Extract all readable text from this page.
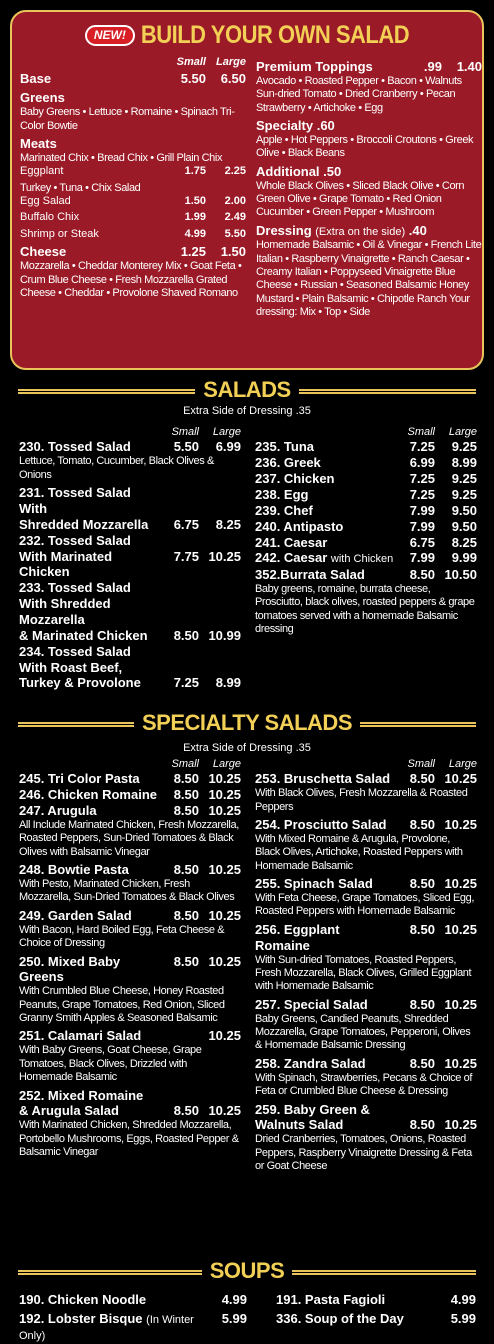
NEW! BUILD YOUR OWN SALAD
Small Large
Base	5.50	6.50
Greens
Baby Greens • Lettuce • Romaine • Spinach Tri-Color Bowtie
Meats
Marinated Chix • Bread Chix • Grill Plain Chix
Eggplant	1.75	2.25
Turkey • Tuna • Chix Salad
Egg Salad	1.50	2.00
Buffalo Chix	1.99	2.49
Shrimp or Steak	4.99	5.50
Cheese	1.25	1.50
Mozzarella • Cheddar Monterey Mix • Goat Feta • Crum Blue Cheese • Fresh Mozzarella Grated Cheese • Cheddar • Provolone Shaved Romano
Premium Toppings	.99	1.40
Avocado • Roasted Pepper • Bacon • Walnuts Sun-dried Tomato • Dried Cranberry • Pecan Strawberry • Artichoke • Egg
Specialty .60
Apple • Hot Peppers • Broccoli Croutons • Greek Olive • Black Beans
Additional .50
Whole Black Olives • Sliced Black Olive • Corn Green Olive • Grape Tomato • Red Onion Cucumber • Green Pepper • Mushroom
Dressing (Extra on the side) .40
Homemade Balsamic • Oil & Vinegar • French Lite Italian • Raspberry Vinaigrette • Ranch Caesar • Creamy Italian • Poppyseed Vinaigrette Blue Cheese • Russian • Seasoned Balsamic Honey Mustard • Plain Balsamic • Chipotle Ranch Your dressing: Mix • Top • Side
SALADS
Extra Side of Dressing .35
Small	Large
230. Tossed Salad	5.50	6.99
Lettuce, Tomato, Cucumber, Black Olives & Onions
231. Tossed Salad With
Shredded Mozzarella	6.75	8.25
232. Tossed Salad
With Marinated Chicken
7.75 10.25
233. Tossed Salad
With Shredded Mozzarella
& Marinated Chicken	8.50 10.99
234. Tossed Salad With Roast Beef,
Turkey & Provolone	7.25	8.99
Small	Large
235. Tuna	7.25	9.25
236. Greek	6.99	8.99
237. Chicken	7.25	9.25
238. Egg	7.25	9.25
239. Chef	7.99	9.50
240. Antipasto	7.99	9.50
241. Caesar	6.75	8.25
242. Caesar with Chicken	7.99	9.99
352.Burrata Salad	8.50 10.50
Baby greens, romaine, burrata cheese, Prosciutto, black olives, roasted peppers & grape tomatoes served with a homemade Balsamic dressing
SPECIALTY SALADS
Extra Side of Dressing .35
Small	Large
245. Tri Color Pasta	8.50 10.25
246. Chicken Romaine	8.50 10.25
247. Arugula	8.50 10.25
All Include Marinated Chicken, Fresh Mozzarella, Roasted Peppers, Sun-Dried Tomatoes & Black Olives with Balsamic Vinegar
248. Bowtie Pasta	8.50 10.25
With Pesto, Marinated Chicken, Fresh Mozzarella, Sun-Dried Tomatoes & Black Olives
249. Garden Salad	8.50 10.25
With Bacon, Hard Boiled Egg, Feta Cheese & Choice of Dressing
250. Mixed Baby Greens
8.50 10.25
With Crumbled Blue Cheese, Honey Roasted Peanuts, Grape Tomatoes, Red Onion, Sliced Granny Smith Apples & Seasoned Balsamic
251. Calamari Salad	10.25
With Baby Greens, Goat Cheese, Grape Tomatoes, Black Olives, Drizzled with Homemade Balsamic
252. Mixed Romaine
& Arugula Salad	8.50 10.25
With Marinated Chicken, Shredded Mozzarella, Portobello Mushrooms, Eggs, Roasted Pepper & Balsamic Vinegar
Small	Large
253. Bruschetta Salad	8.50 10.25
With Black Olives, Fresh Mozzarella & Roasted Peppers
254. Prosciutto Salad	8.50 10.25
With Mixed Romaine & Arugula, Provolone, Black Olives, Artichoke, Roasted Peppers with Homemade Balsamic
255. Spinach Salad	8.50 10.25
With Feta Cheese, Grape Tomatoes, Sliced Egg, Roasted Peppers with Homemade Balsamic
256. Eggplant Romaine
8.50 10.25
With Sun-dried Tomatoes, Roasted Peppers, Fresh Mozzarella, Black Olives, Grilled Eggplant with Homemade Balsamic
257. Special Salad	8.50 10.25
Baby Greens, Candied Peanuts, Shredded Mozzarella, Grape Tomatoes, Pepperoni, Olives & Homemade Balsamic Dressing
258. Zandra Salad	8.50 10.25
With Spinach, Strawberries, Pecans & Choice of Feta or Crumbled Blue Cheese & Dressing
259. Baby Green &
Walnuts Salad	8.50 10.25
Dried Cranberries, Tomatoes, Onions, Roasted Peppers, Raspberry Vinaigrette Dressing & Feta or Goat Cheese
SOUPS
190. Chicken Noodle	4.99
192. Lobster Bisque (In Winter Only)
5.99
191. Pasta Fagioli	4.99
336. Soup of the Day	5.99
